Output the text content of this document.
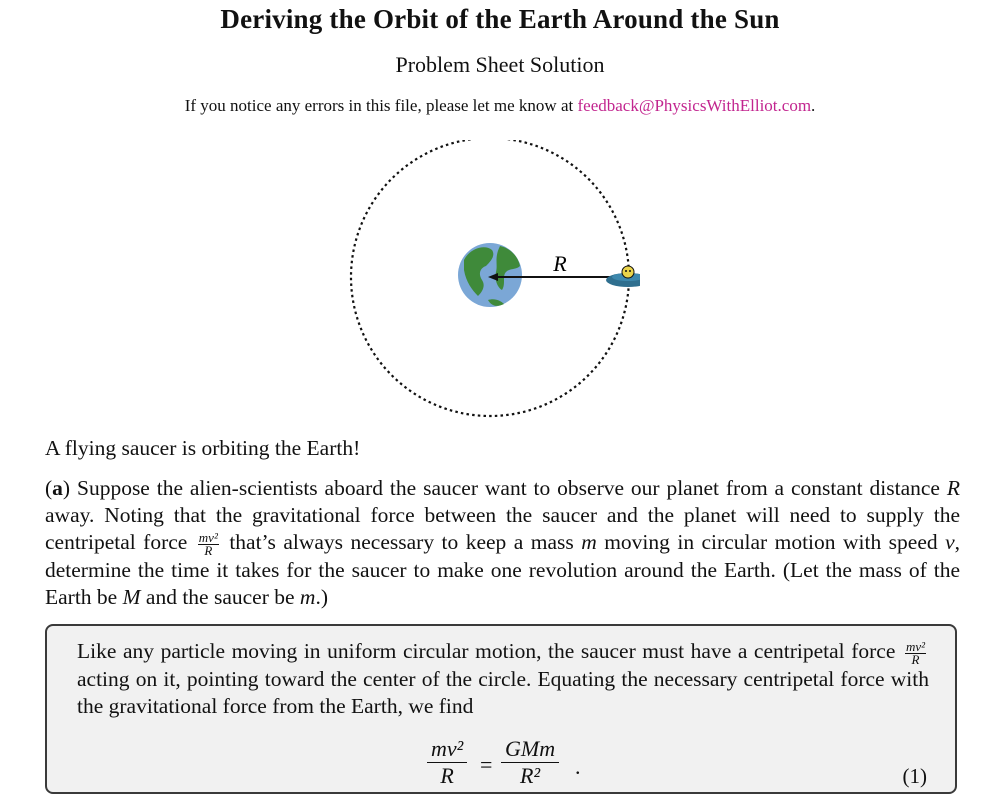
Deriving the Orbit of the Earth Around the Sun
Problem Sheet Solution
If you notice any errors in this file, please let me know at feedback@PhysicsWithElliot.com.
R
A flying saucer is orbiting the Earth!
(a) Suppose the alien-scientists aboard the saucer want to observe our planet from a constant distance R away. Noting that the gravitational force between the saucer and the planet will need to supply the centripetal force $\frac{\text{mv²}}{R}$ that’s always necessary to keep a mass m moving in circular motion with speed v, determine the time it takes for the saucer to make one revolution around the Earth. (Let the mass of the Earth be M and the saucer be m.)
Like any particle moving in uniform circular motion, the saucer must have a centripetal force $\frac{\text{mv²}}{R}$
acting on it, pointing toward the center of the circle. Equating the necessary centripetal force with the gravitational force from the Earth, we find
$\frac{\text{mv²}}{R}$ =
GMm
R²	.	(1)
